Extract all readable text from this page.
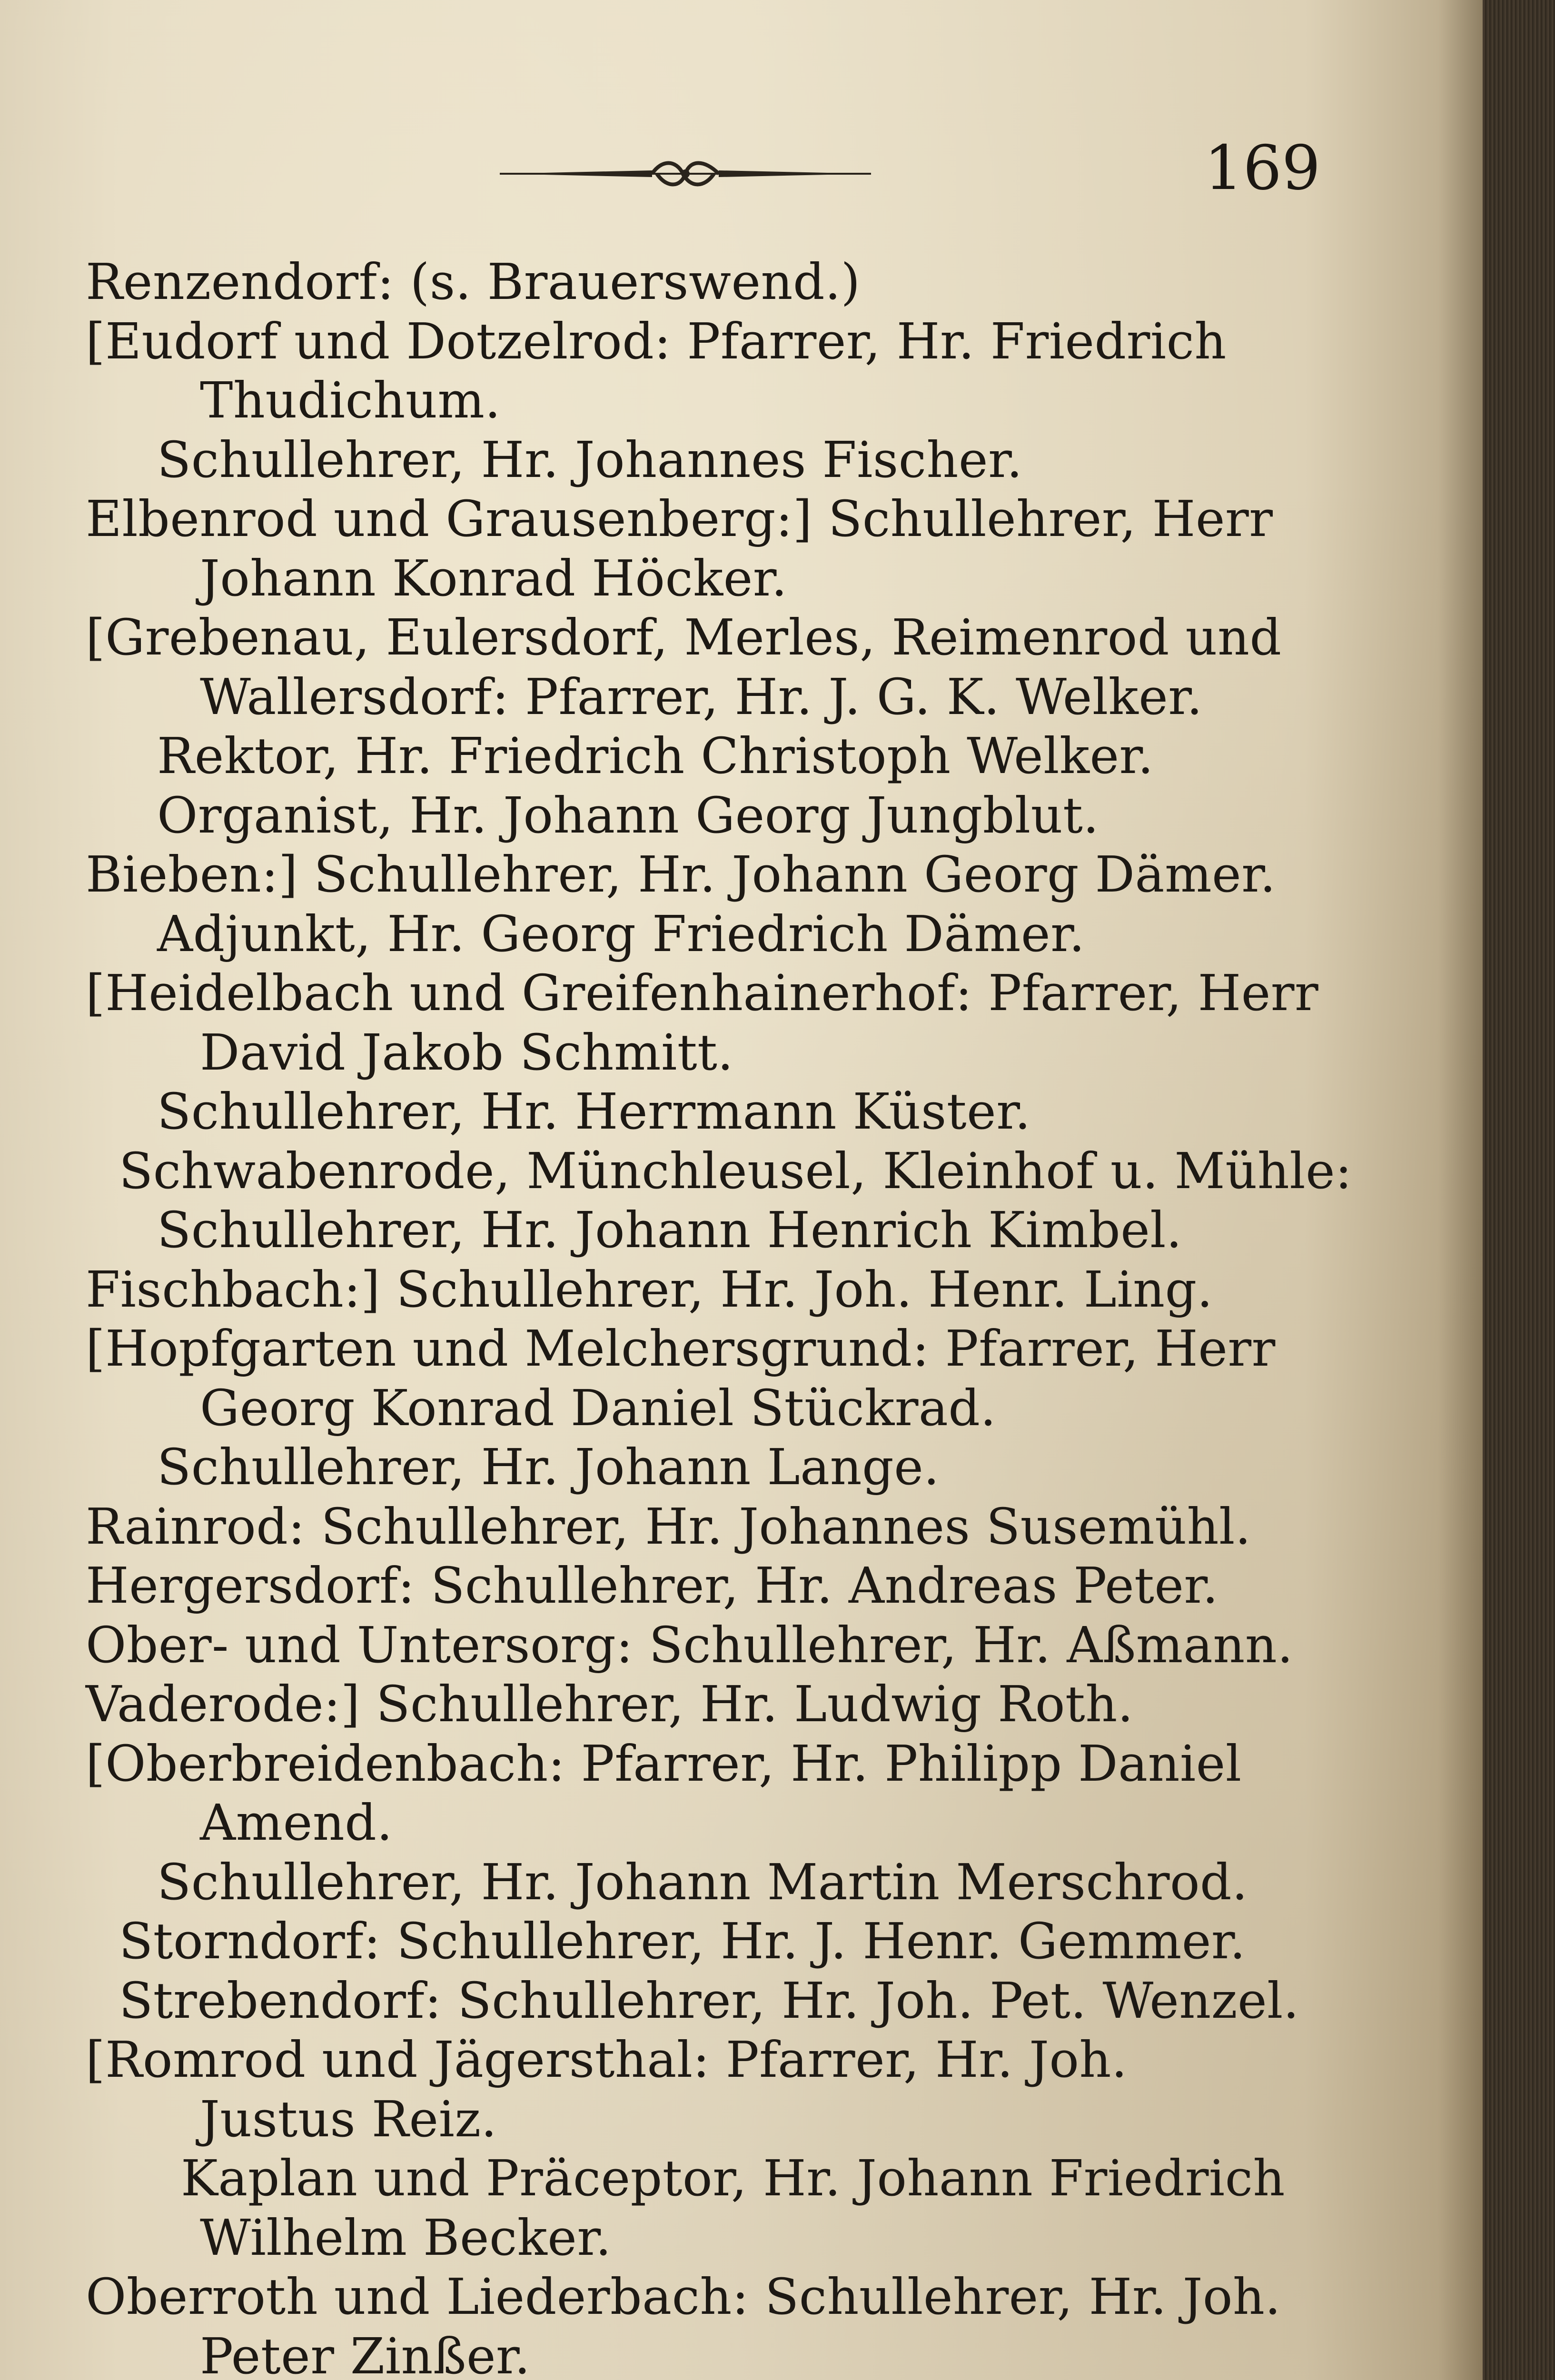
169
Renzendorf: (s. Brauerswend.)
[Eudorf und Dotzelrod: Pfarrer, Hr. Friedrich
Thudichum.
Schullehrer, Hr. Johannes Fischer.
Elbenrod und Grausenberg:] Schullehrer, Herr
Johann Konrad Höcker.
[Grebenau, Eulersdorf, Merles, Reimenrod und
Wallersdorf: Pfarrer, Hr. J. G. K. Welker.
Rektor, Hr. Friedrich Christoph Welker.
Organist, Hr. Johann Georg Jungblut.
Bieben:] Schullehrer, Hr. Johann Georg Dämer.
Adjunkt, Hr. Georg Friedrich Dämer.
[Heidelbach und Greifenhainerhof: Pfarrer, Herr
David Jakob Schmitt.
Schullehrer, Hr. Herrmann Küster.
Schwabenrode, Münchleusel, Kleinhof u. Mühle:
Schullehrer, Hr. Johann Henrich Kimbel.
Fischbach:] Schullehrer, Hr. Joh. Henr. Ling.
[Hopfgarten und Melchersgrund: Pfarrer, Herr
Georg Konrad Daniel Stückrad.
Schullehrer, Hr. Johann Lange.
Rainrod: Schullehrer, Hr. Johannes Susemühl.
Hergersdorf: Schullehrer, Hr. Andreas Peter.
Ober- und Untersorg: Schullehrer, Hr. Aßmann.
Vaderode:] Schullehrer, Hr. Ludwig Roth.
[Oberbreidenbach: Pfarrer, Hr. Philipp Daniel
Amend.
Schullehrer, Hr. Johann Martin Merschrod.
Storndorf: Schullehrer, Hr. J. Henr. Gemmer.
Strebendorf: Schullehrer, Hr. Joh. Pet. Wenzel.
[Romrod und Jägersthal: Pfarrer, Hr. Joh.
Justus Reiz.
Kaplan und Präceptor, Hr. Johann Friedrich
Wilhelm Becker.
Oberroth und Liederbach: Schullehrer, Hr. Joh.
Peter Zinßer.
